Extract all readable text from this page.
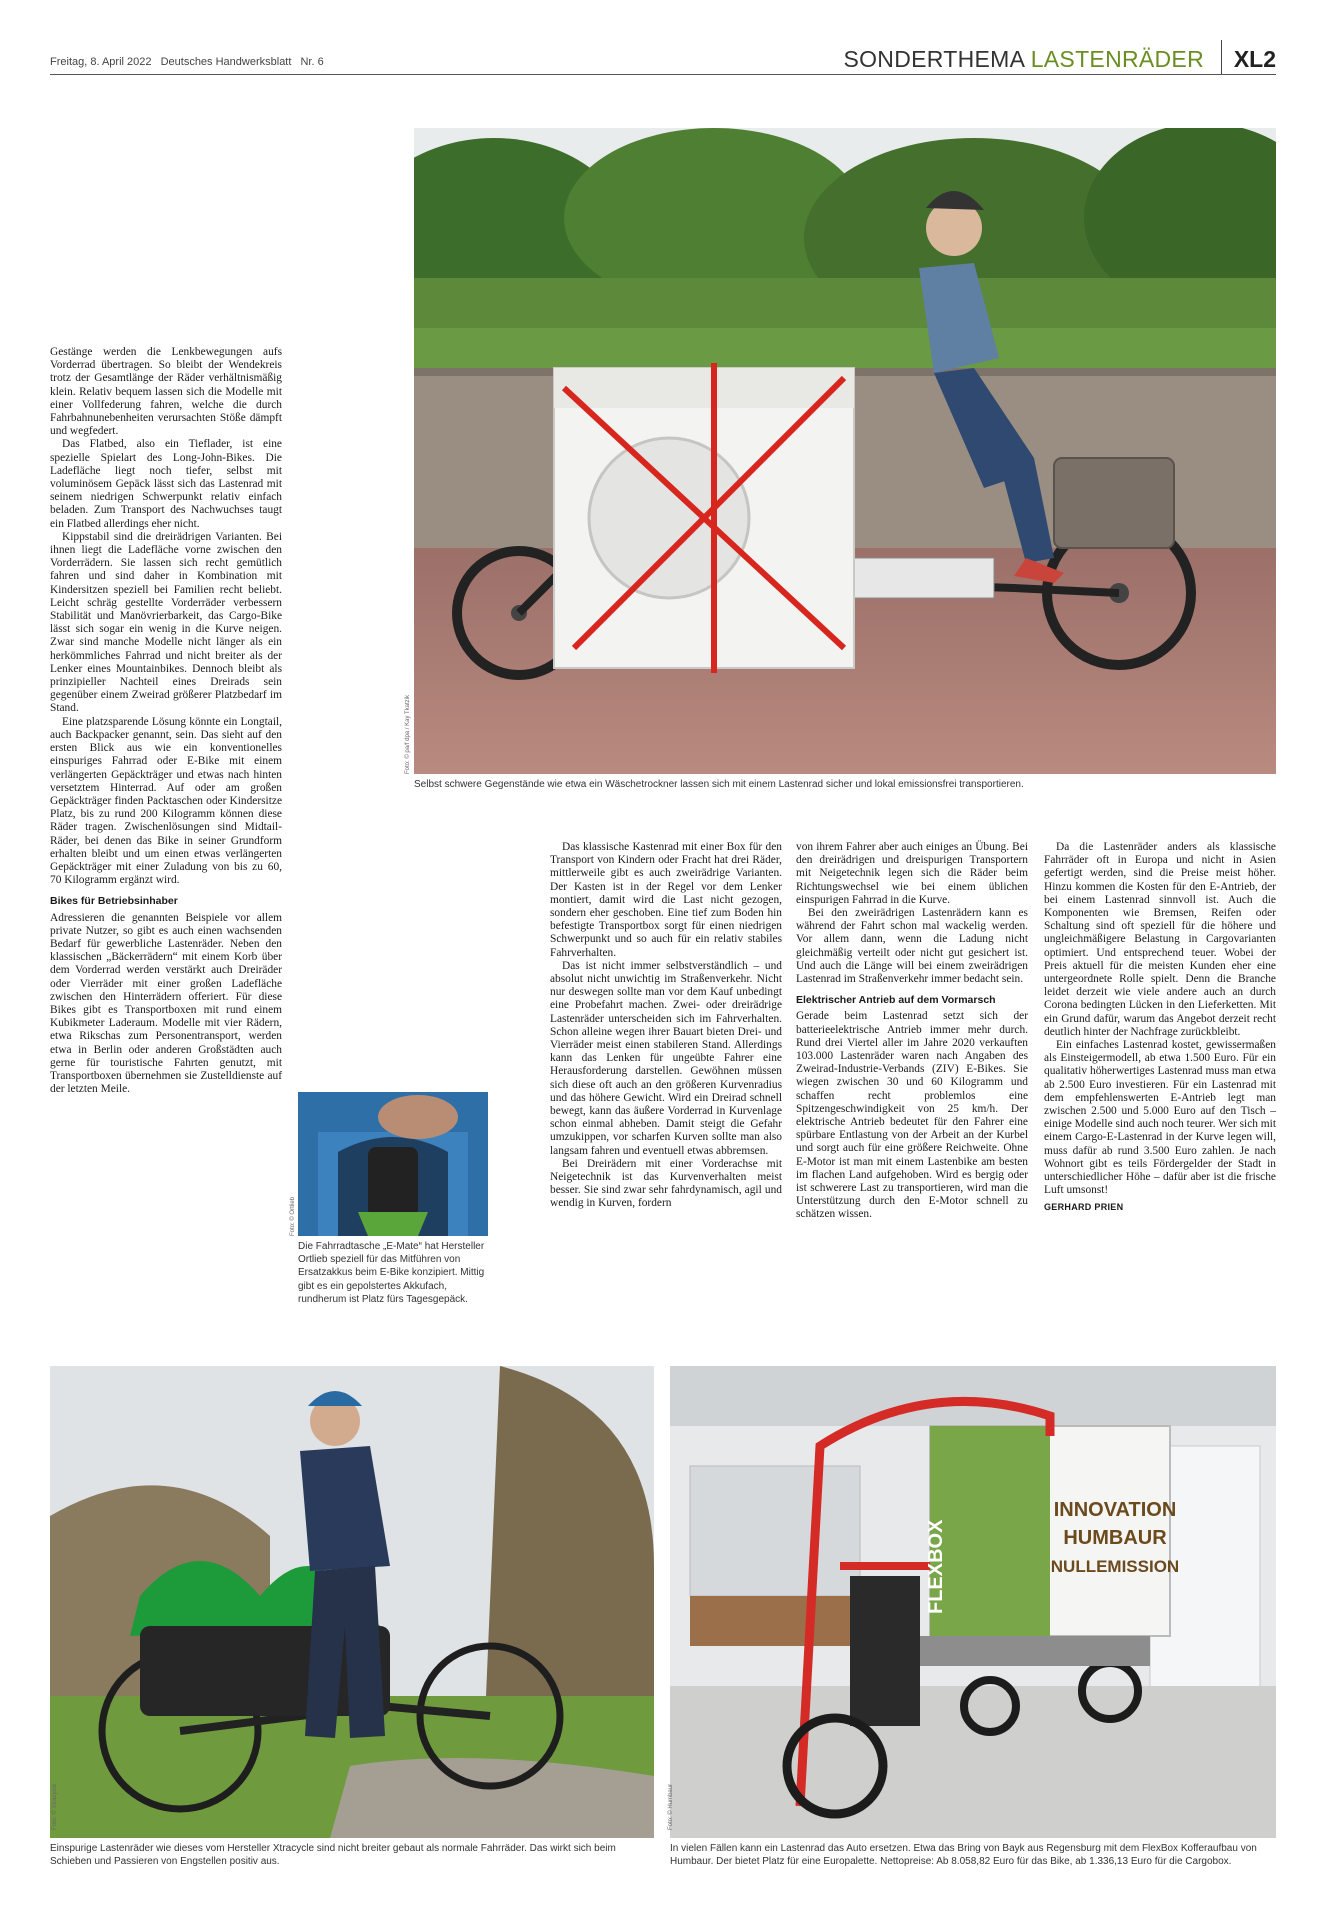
Freitag, 8. April 2022 Deutsches Handwerksblatt Nr. 6	SONDERTHEMA LASTENRÄDER XL2
Foto: © pa/f dpa / Kay Tkatzik
Selbst schwere Gegenstände wie etwa ein Wäschetrockner lassen sich mit einem Lastenrad sicher und lokal emissionsfrei transportieren.

Gestänge werden die Lenkbewegungen aufs Vorderrad übertragen. So bleibt der Wendekreis trotz der Gesamtlänge der Räder verhältnismäßig klein. Relativ bequem lassen sich die Modelle mit einer Vollfederung fahren, welche die durch Fahrbahnunebenheiten verursachten Stöße dämpft und wegfedert.

Das Flatbed, also ein Tieflader, ist eine spezielle Spielart des Long-John-Bikes. Die Ladefläche liegt noch tiefer, selbst mit voluminösem Gepäck lässt sich das Lastenrad mit seinem niedrigen Schwerpunkt relativ einfach beladen. Zum Transport des Nachwuchses taugt ein Flatbed allerdings eher nicht.

Kippstabil sind die dreirädrigen Varianten. Bei ihnen liegt die Ladefläche vorne zwischen den Vorderrädern. Sie lassen sich recht gemütlich fahren und sind daher in Kombination mit Kindersitzen speziell bei Familien recht beliebt. Leicht schräg gestellte Vorderräder verbessern Stabilität und Manövrierbarkeit, das Cargo-Bike lässt sich sogar ein wenig in die Kurve neigen. Zwar sind manche Modelle nicht länger als ein herkömmliches Fahrrad und nicht breiter als der Lenker eines Mountainbikes. Dennoch bleibt als prinzipieller Nachteil eines Dreirads sein gegenüber einem Zweirad größerer Platzbedarf im Stand.

Eine platzsparende Lösung könnte ein Longtail, auch Backpacker genannt, sein. Das sieht auf den ersten Blick aus wie ein konventionelles einspuriges Fahrrad oder E-Bike mit einem verlängerten Gepäckträger und etwas nach hinten versetztem Hinterrad. Auf oder am großen Gepäckträger finden Packtaschen oder Kindersitze Platz, bis zu rund 200 Kilogramm können diese Räder tragen. Zwischenlösungen sind Midtail-Räder, bei denen das Bike in seiner Grundform erhalten bleibt und um einen etwas verlängerten Gepäckträger mit einer Zuladung von bis zu 60, 70 Kilogramm ergänzt wird.

Bikes für Betriebsinhaber

Adressieren die genannten Beispiele vor allem private Nutzer, so gibt es auch einen wachsenden Bedarf für gewerbliche Lastenräder. Neben den klassischen „Bäckerrädern“ mit einem Korb über dem Vorderrad werden verstärkt auch Dreiräder oder Vierräder mit einer großen Ladefläche zwischen den Hinterrädern offeriert. Für diese Bikes gibt es Transportboxen mit rund einem Kubikmeter Laderaum. Modelle mit vier Rädern, etwa Rikschas zum Personentransport, werden etwa in Berlin oder anderen Großstädten auch gerne für touristische Fahrten genutzt, mit Transportboxen übernehmen sie Zustelldienste auf der letzten Meile.

Foto: © Ortlieb
Die Fahrradtasche „E-Mate“ hat Hersteller Ortlieb speziell für das Mitführen von Ersatzakkus beim E-Bike konzipiert. Mittig gibt es ein gepolstertes Akkufach, rundherum ist Platz fürs Tagesgepäck.

Das klassische Kastenrad mit einer Box für den Transport von Kindern oder Fracht hat drei Räder, mittlerweile gibt es auch zweirädrige Varianten. Der Kasten ist in der Regel vor dem Lenker montiert, damit wird die Last nicht gezogen, sondern eher geschoben. Eine tief zum Boden hin befestigte Transportbox sorgt für einen niedrigen Schwerpunkt und so auch für ein relativ stabiles Fahrverhalten.

Das ist nicht immer selbstverständlich – und absolut nicht unwichtig im Straßenverkehr. Nicht nur deswegen sollte man vor dem Kauf unbedingt eine Probefahrt machen. Zwei- oder dreirädrige Lastenräder unterscheiden sich im Fahrverhalten. Schon alleine wegen ihrer Bauart bieten Drei- und Vierräder meist einen stabileren Stand. Allerdings kann das Lenken für ungeübte Fahrer eine Herausforderung darstellen. Gewöhnen müssen sich diese oft auch an den größeren Kurvenradius und das höhere Gewicht. Wird ein Dreirad schnell bewegt, kann das äußere Vorderrad in Kurvenlage schon einmal abheben. Damit steigt die Gefahr umzukippen, vor scharfen Kurven sollte man also langsam fahren und eventuell etwas abbremsen.

Bei Dreirädern mit einer Vorderachse mit Neigetechnik ist das Kurvenverhalten meist besser. Sie sind zwar sehr fahrdynamisch, agil und wendig in Kurven, fordern

von ihrem Fahrer aber auch einiges an Übung. Bei den dreirädrigen und dreispurigen Transportern mit Neigetechnik legen sich die Räder beim Richtungswechsel wie bei einem üblichen einspurigen Fahrrad in die Kurve.

Bei den zweirädrigen Lastenrädern kann es während der Fahrt schon mal wackelig werden. Vor allem dann, wenn die Ladung nicht gleichmäßig verteilt oder nicht gut gesichert ist. Und auch die Länge will bei einem zweirädrigen Lastenrad im Straßenverkehr immer bedacht sein.

Elektrischer Antrieb auf dem Vormarsch

Gerade beim Lastenrad setzt sich der batterieelektrische Antrieb immer mehr durch. Rund drei Viertel aller im Jahre 2020 verkauften 103.000 Lastenräder waren nach Angaben des Zweirad-Industrie-Verbands (ZIV) E-Bikes. Sie wiegen zwischen 30 und 60 Kilogramm und schaffen recht problemlos eine Spitzengeschwindigkeit von 25 km/h. Der elektrische Antrieb bedeutet für den Fahrer eine spürbare Entlastung von der Arbeit an der Kurbel und sorgt auch für eine größere Reichweite. Ohne E-Motor ist man mit einem Lastenbike am besten im flachen Land aufgehoben. Wird es bergig oder ist schwerere Last zu transportieren, wird man die Unterstützung durch den E-Motor schnell zu schätzen wissen.

Da die Lastenräder anders als klassische Fahrräder oft in Europa und nicht in Asien gefertigt werden, sind die Preise meist höher. Hinzu kommen die Kosten für den E-Antrieb, der bei einem Lastenrad sinnvoll ist. Auch die Komponenten wie Bremsen, Reifen oder Schaltung sind oft speziell für die höhere und ungleichmäßigere Belastung in Cargovarianten optimiert. Und entsprechend teuer. Wobei der Preis aktuell für die meisten Kunden eher eine untergeordnete Rolle spielt. Denn die Branche leidet derzeit wie viele andere auch an durch Corona bedingten Lücken in den Lieferketten. Mit ein Grund dafür, warum das Angebot derzeit recht deutlich hinter der Nachfrage zurückbleibt.

Ein einfaches Lastenrad kostet, gewissermaßen als Einsteigermodell, ab etwa 1.500 Euro. Für ein qualitativ höherwertiges Lastenrad muss man etwa ab 2.500 Euro investieren. Für ein Lastenrad mit dem empfehlenswerten E-Antrieb legt man zwischen 2.500 und 5.000 Euro auf den Tisch – einige Modelle sind auch noch teurer. Wer sich mit einem Cargo-E-Lastenrad in der Kurve legen will, muss dafür ab rund 3.500 Euro zahlen. Je nach Wohnort gibt es teils Fördergelder der Stadt in unterschiedlicher Höhe – dafür aber ist die frische Luft umsonst!

GERHARD PRIEN
Foto: © Xtracycle
Einspurige Lastenräder wie dieses vom Hersteller Xtracycle sind nicht breiter gebaut als normale Fahrräder. Das wirkt sich beim Schieben und Passieren von Engstellen positiv aus.
INNOVATION
HUMBAUR
NULLEMISSION
FLEXBOX
Foto: © Humbaur
In vielen Fällen kann ein Lastenrad das Auto ersetzen. Etwa das Bring von Bayk aus Regensburg mit dem FlexBox Kofferaufbau von Humbaur. Der bietet Platz für eine Europalette. Nettopreise: Ab 8.058,82 Euro für das Bike, ab 1.336,13 Euro für die Cargobox.
